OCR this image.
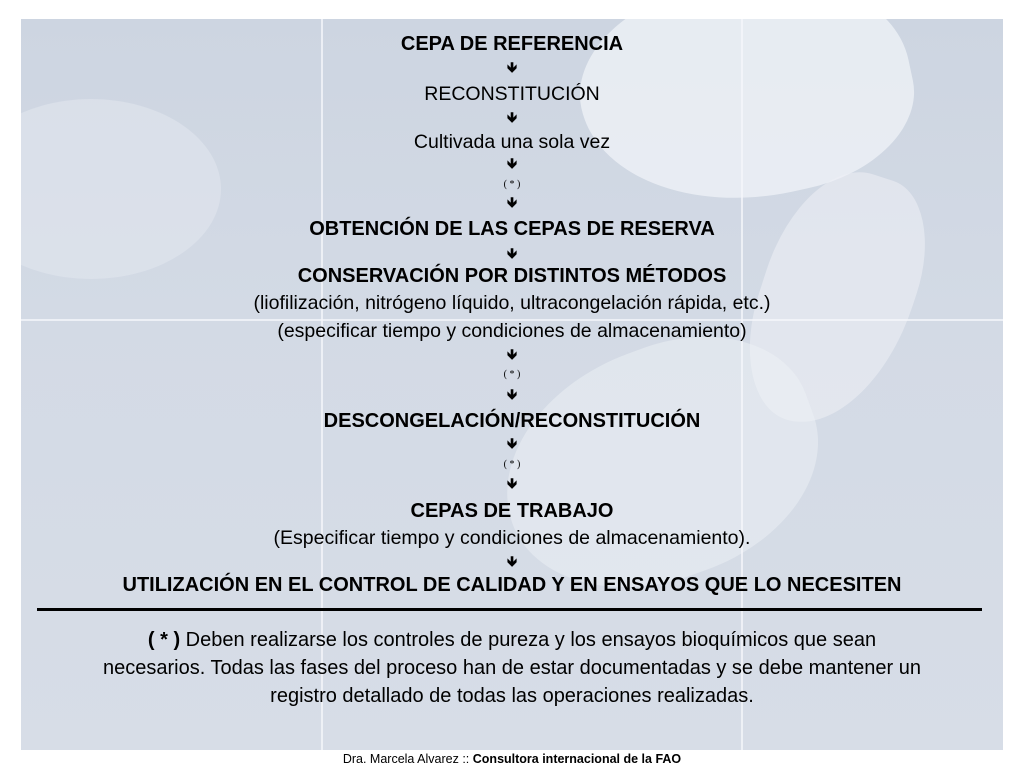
CEPA DE REFERENCIA
🡻
RECONSTITUCIÓN
🡻
Cultivada una sola vez
🡻
( * )
🡻
OBTENCIÓN DE LAS CEPAS DE RESERVA
🡻
CONSERVACIÓN POR DISTINTOS MÉTODOS
(liofilización, nitrógeno líquido, ultracongelación rápida, etc.)
(especificar tiempo y condiciones de almacenamiento)
🡻
( * )
🡻
DESCONGELACIÓN/RECONSTITUCIÓN
🡻
( * )
🡻
CEPAS DE TRABAJO
(Especificar tiempo y condiciones de almacenamiento).
🡻
UTILIZACIÓN EN EL CONTROL DE CALIDAD Y EN ENSAYOS QUE LO NECESITEN
( * ) Deben realizarse los controles de pureza y los ensayos bioquímicos que sean
necesarios. Todas las fases del proceso han de estar documentadas y se debe mantener un
registro detallado de todas las operaciones realizadas.
Dra. Marcela Alvarez :: Consultora internacional de la FAO
